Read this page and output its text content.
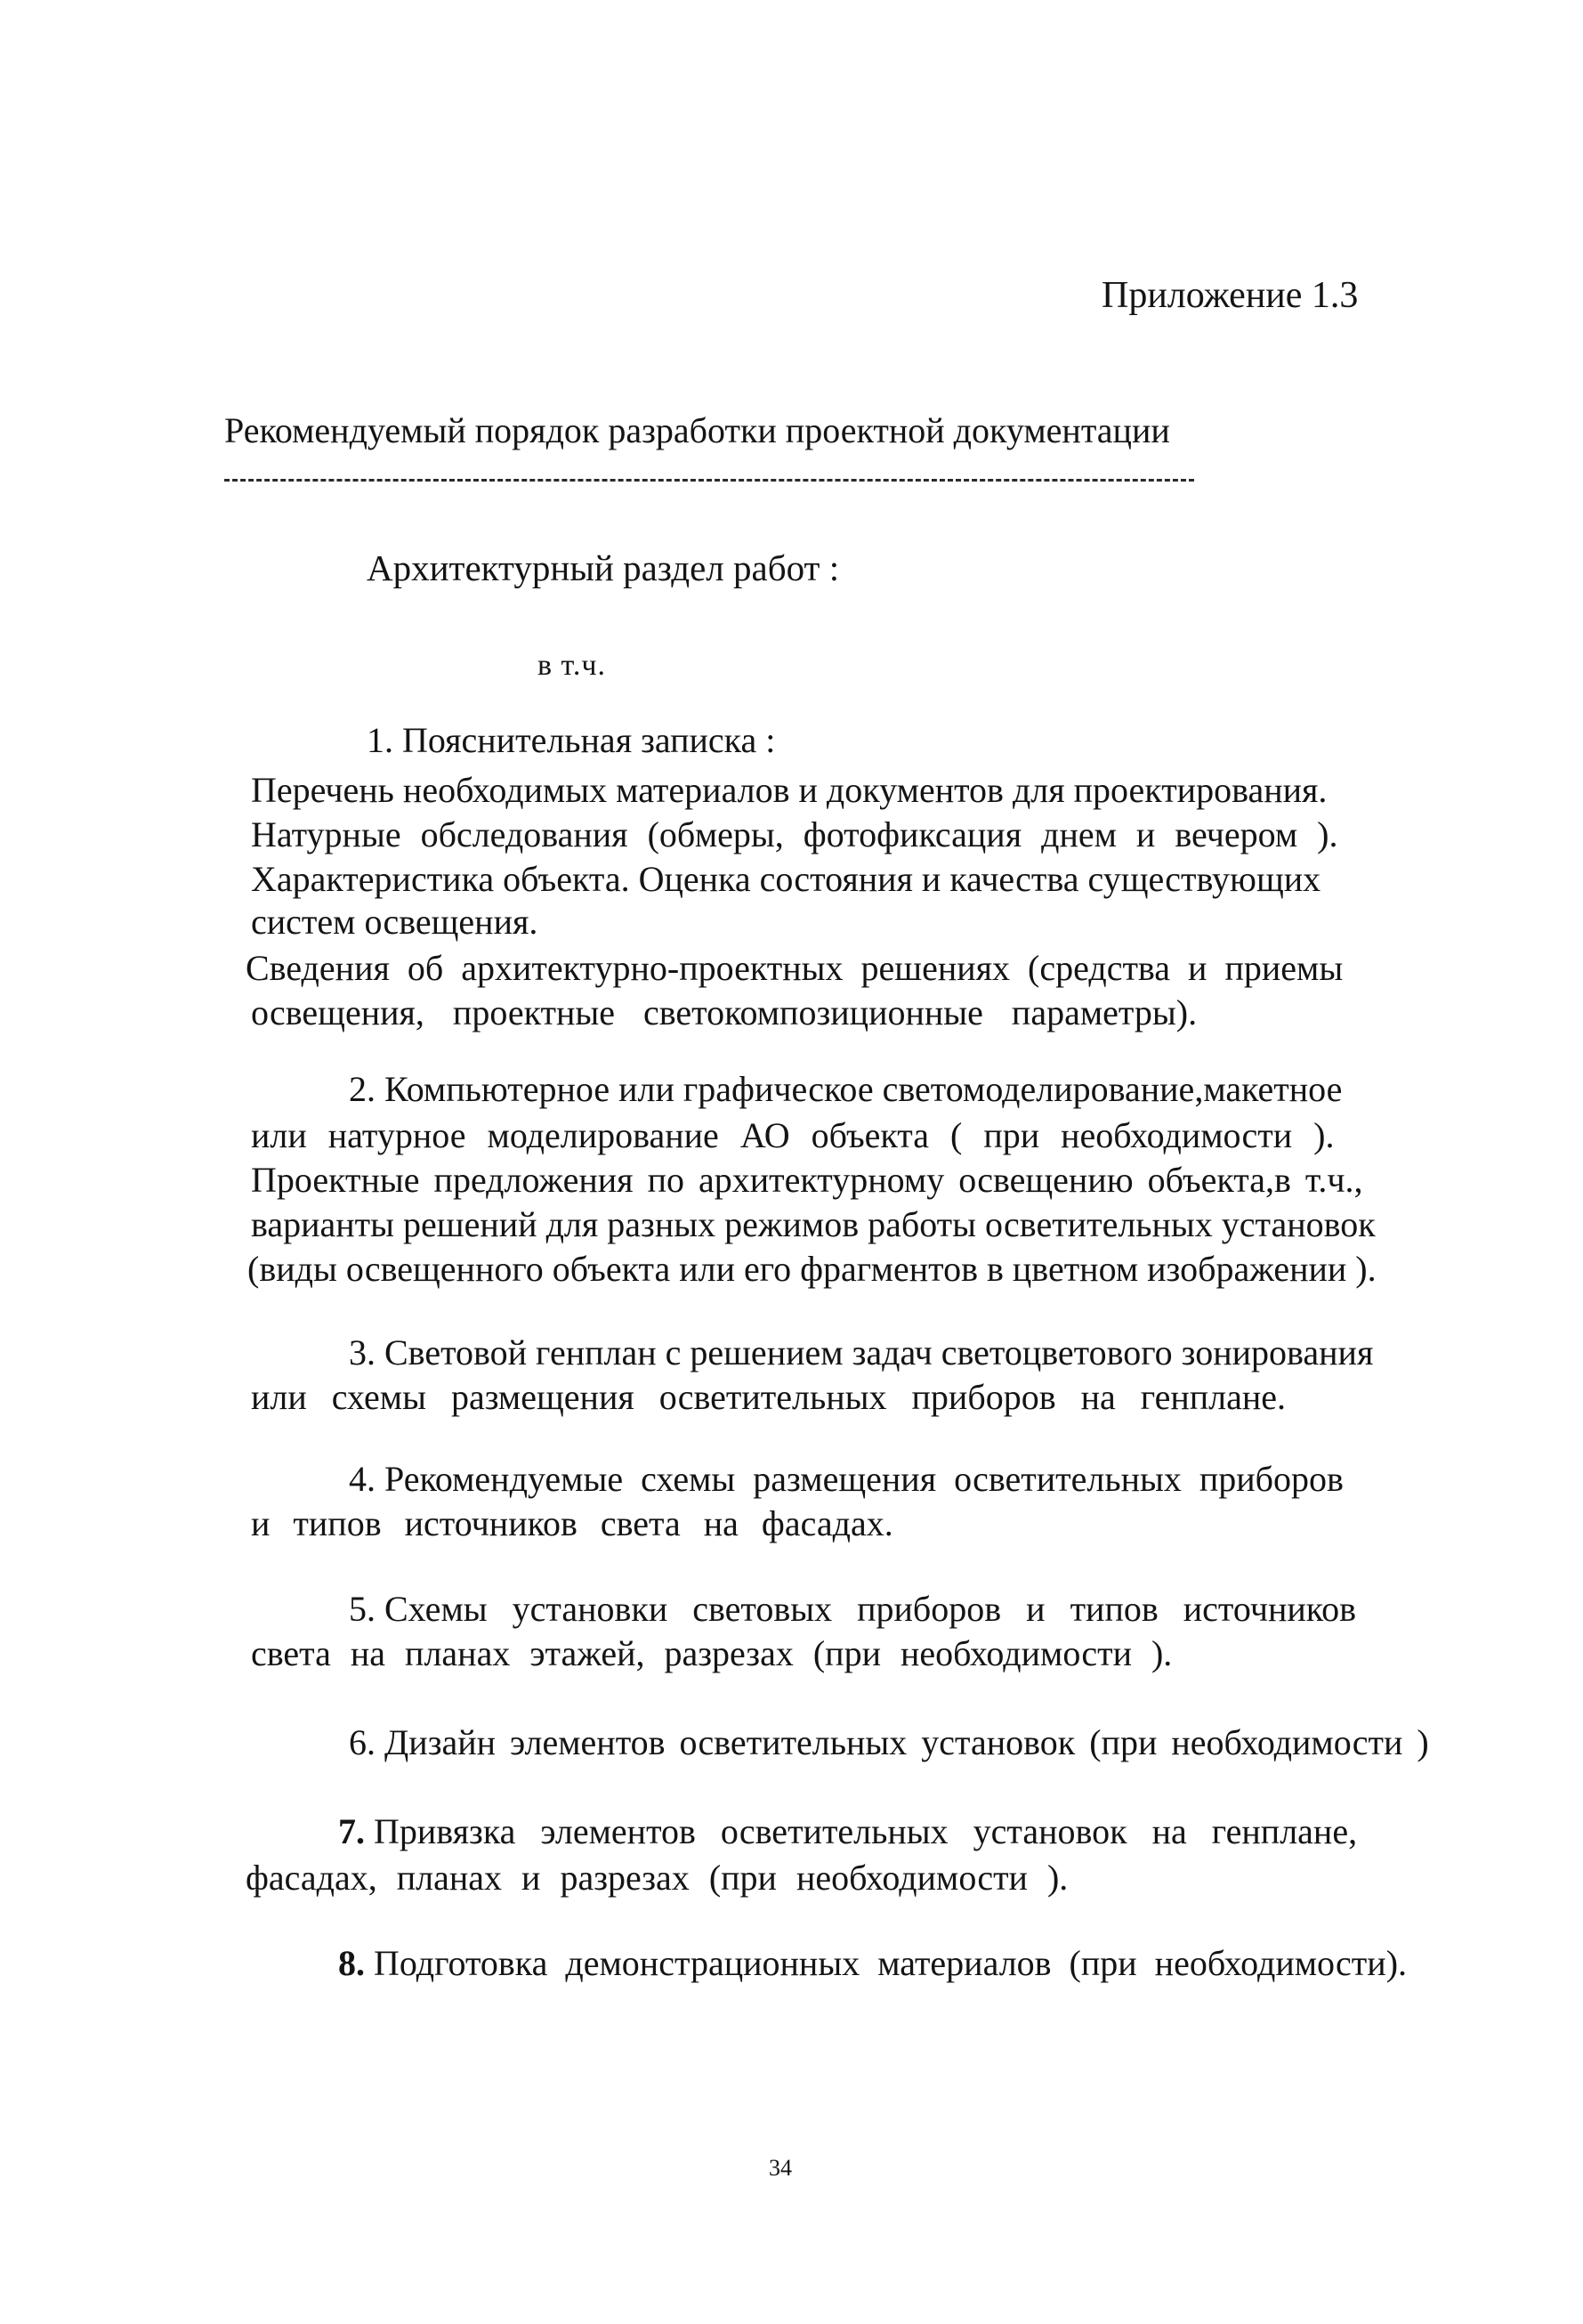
Приложение 1.3
Рекомендуемый порядок разработки проектной документации
Архитектурный раздел работ :
в т.ч.
1. Пояснительная записка :
Перечень необходимых материалов и документов для проектирования.
Натурные обследования (обмеры, фотофиксация днем и вечером ).
Характеристика объекта. Оценка состояния и качества существующих
систем освещения.
Сведения об архитектурно-проектных решениях (средства и приемы
освещения, проектные светокомпозиционные параметры).
2. Компьютерное или графическое светомоделирование,макетное
или натурное моделирование АО объекта ( при необходимости ).
Проектные предложения по архитектурному освещению объекта,в т.ч.,
варианты решений для разных режимов работы осветительных установок
(виды освещенного объекта или его фрагментов в цветном изображении ).
3. Световой генплан с решением задач светоцветового зонирования
или схемы размещения осветительных приборов на генплане.
4. Рекомендуемые схемы размещения осветительных приборов
и типов источников света на фасадах.
5. Схемы установки световых приборов и типов источников
света на планах этажей, разрезах (при необходимости ).
6. Дизайн элементов осветительных установок (при необходимости )
7. Привязка элементов осветительных установок на генплане,
фасадах, планах и разрезах (при необходимости ).
8. Подготовка демонстрационных материалов (при необходимости).
34
